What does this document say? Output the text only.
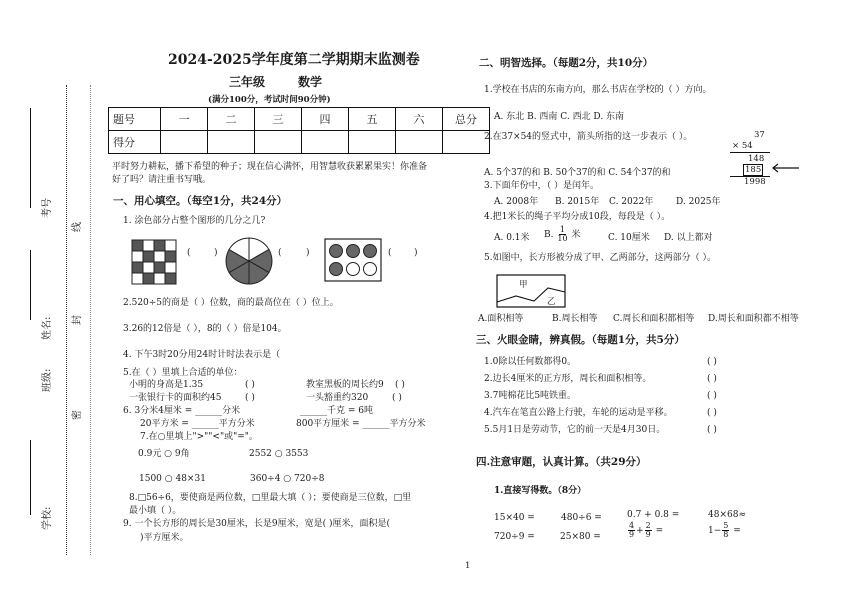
考号
线
姓名:	封
班级:
密
学校:
2024-2025学年度第二学期期末监测卷
三年级	数学
(满分100分，考试时间90分钟)
题号	一	二	三	四	五	六	总分
得分							
平时努力耕耘，播下希望的种子；现在信心满怀，用智慧收获累累果实！你准备
好了吗？请注重书写哦。
一、用心填空。（每空1分，共24分）
1. 涂色部分占整个图形的几分之几?
(	)	(	)	( )
2.520÷5的商是（ ）位数，商的最高位在（ ）位上。
3.26的12倍是（ ），8的（ ）倍是104。
4. 下午3时20分用24时计时法表示是（
5.在（ ）里填上合适的单位：
小明的身高是1.35	( )	教室黑板的周长约9 ( )
一张银行卡的面积约45	( )	一头豁重约320	( )
6. 3分米4厘米 = ______分米	______千克 = 6吨
20平方米 = ______平方分米	800平方厘米 = ______平方分米
7.在○里填上">""<"或"="。
0.9元 ○ 9角	2552 ○ 3553
1500 ○ 48×31	360÷4 ○ 720÷8
8.□56÷6，要使商是两位数，□里最大填（ ）；要使商是三位数，□里
最小填（ ）。
9. 一个长方形的周长是30厘米，长是9厘米，宽是( )厘米，面积是(
)平方厘米。
二、明智选择。（每题2分，共10分）
1.学校在书店的东南方向，那么书店在学校的（ ）方向。
A. 东北 B. 西南 C. 西北 D. 东南
2.在37×54的竖式中，箭头所指的这一步表示（ ）。
A. 5个37的和 B. 50个37的和 C. 54个37的和
37
× 54
148
185
1998
3.下面年份中，（ ）是闰年。
A. 2008年 B. 2015年 C. 2022年	D. 2025年
4.把1米长的绳子平均分成10段，每段是（ ）。
A. 0.1米 B. $\frac{1}{10}$ 米	C. 10厘米 D. 以上都对
5.如图中，长方形被分成了甲、乙两部分，这两部分（ ）。
甲
乙
A.面积相等	B.周长相等 C.周长和面积都相等 D.周长和面积都不相等
三、火眼金睛，辨真假。（每题1分，共5分）
1.0除以任何数都得0。	( )
2.边长4厘米的正方形，周长和面积相等。	( )
3.7吨棉花比5吨铁重。	( )
4.汽车在笔直公路上行驶，车轮的运动是平移。	( )
5.5月1日是劳动节，它的前一天是4月30日。	( )
四.注意审题，认真计算。（共29分）
1.直接写得数。（8分）
15×40 =	480÷6 =	0.7 + 0.8 =	48×68≈
720÷9 =	25×80 =	$\frac{4}{9} + \frac{2}{9}$ =	$1- \frac{5}{8}$ =
1
